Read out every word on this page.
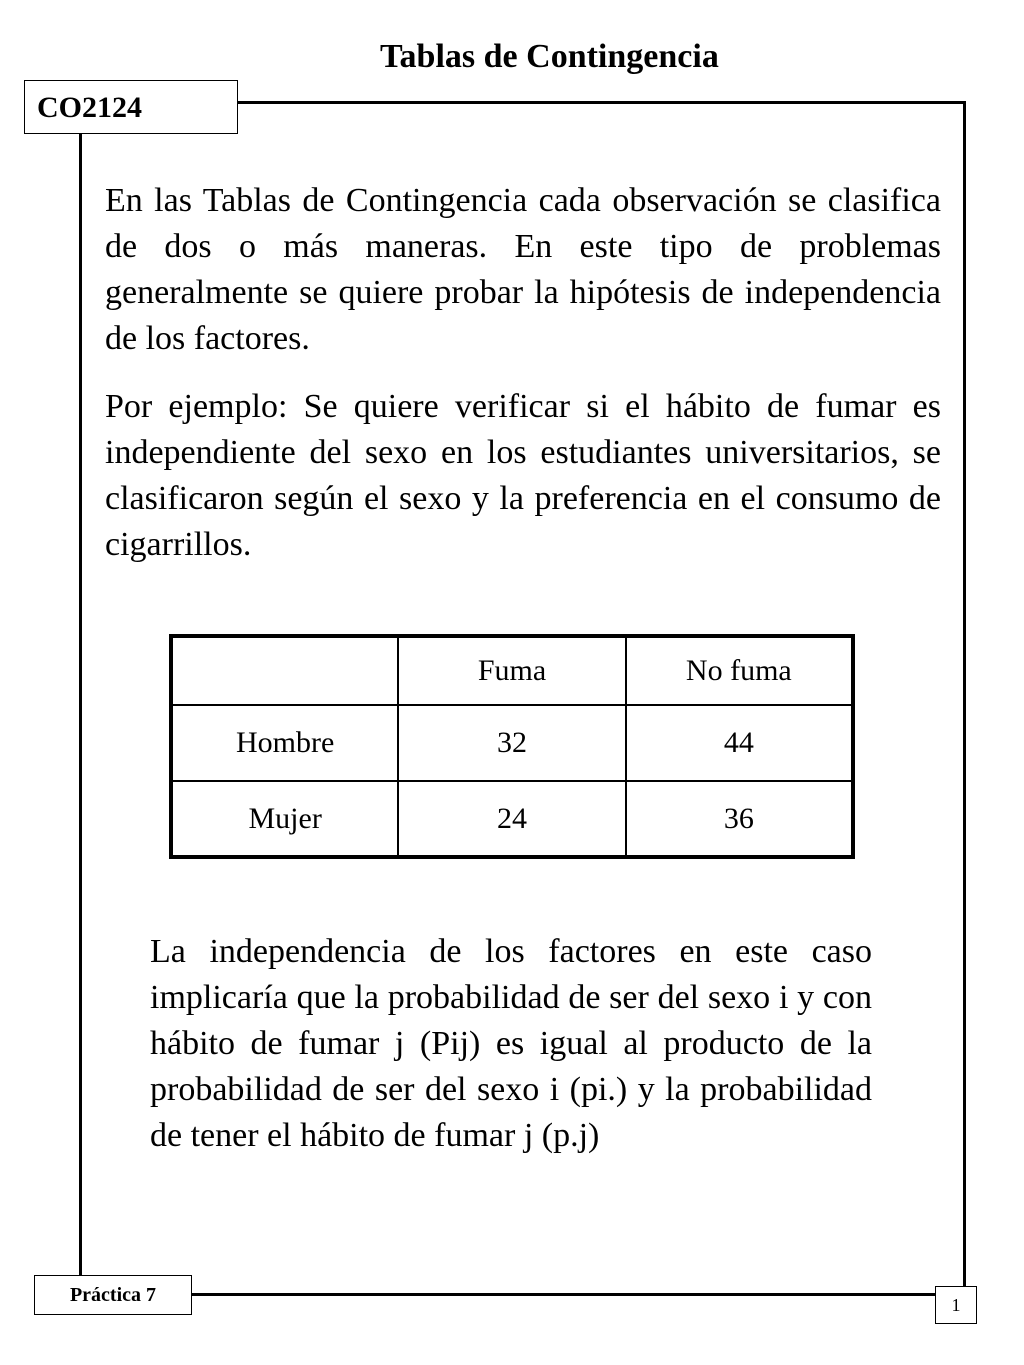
Tablas de Contingencia
CO2124

En las Tablas de Contingencia cada observación se clasifica de dos o más maneras. En este tipo de problemas generalmente se quiere probar la hipótesis de independencia de los factores.

Por ejemplo: Se quiere verificar si el hábito de fumar es independiente del sexo en los estudiantes universitarios, se clasificaron según el sexo y la preferencia en el consumo de cigarrillos.

	Fuma	No fuma
Hombre	32	44
Mujer	24	36

La independencia de los factores en este caso implicaría que la probabilidad de ser del sexo i y con hábito de fumar j (Pij) es igual al producto de la probabilidad de ser del sexo i (pi.) y la probabilidad de tener el hábito de fumar j (p.j)

Práctica 7	1
